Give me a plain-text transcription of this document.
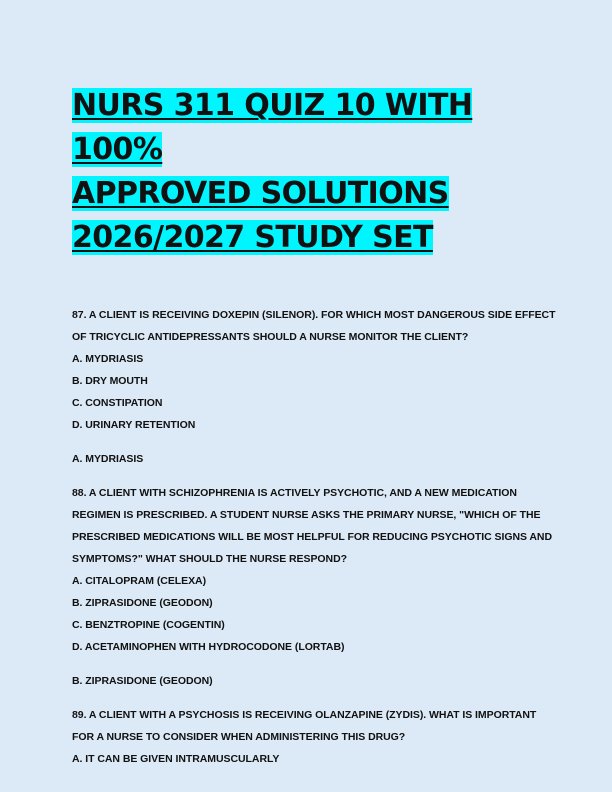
NURS 311 QUIZ 10 WITH 100%
APPROVED SOLUTIONS
2026/2027 STUDY SET
87. A CLIENT IS RECEIVING DOXEPIN (SILENOR). FOR WHICH MOST DANGEROUS SIDE EFFECT
OF TRICYCLIC ANTIDEPRESSANTS SHOULD A NURSE MONITOR THE CLIENT?
A. MYDRIASIS
B. DRY MOUTH
C. CONSTIPATION
D. URINARY RETENTION
A. MYDRIASIS
88. A CLIENT WITH SCHIZOPHRENIA IS ACTIVELY PSYCHOTIC, AND A NEW MEDICATION
REGIMEN IS PRESCRIBED. A STUDENT NURSE ASKS THE PRIMARY NURSE, "WHICH OF THE
PRESCRIBED MEDICATIONS WILL BE MOST HELPFUL FOR REDUCING PSYCHOTIC SIGNS AND
SYMPTOMS?" WHAT SHOULD THE NURSE RESPOND?
A. CITALOPRAM (CELEXA)
B. ZIPRASIDONE (GEODON)
C. BENZTROPINE (COGENTIN)
D. ACETAMINOPHEN WITH HYDROCODONE (LORTAB)
B. ZIPRASIDONE (GEODON)
89. A CLIENT WITH A PSYCHOSIS IS RECEIVING OLANZAPINE (ZYDIS). WHAT IS IMPORTANT
FOR A NURSE TO CONSIDER WHEN ADMINISTERING THIS DRUG?
A. IT CAN BE GIVEN INTRAMUSCULARLY
